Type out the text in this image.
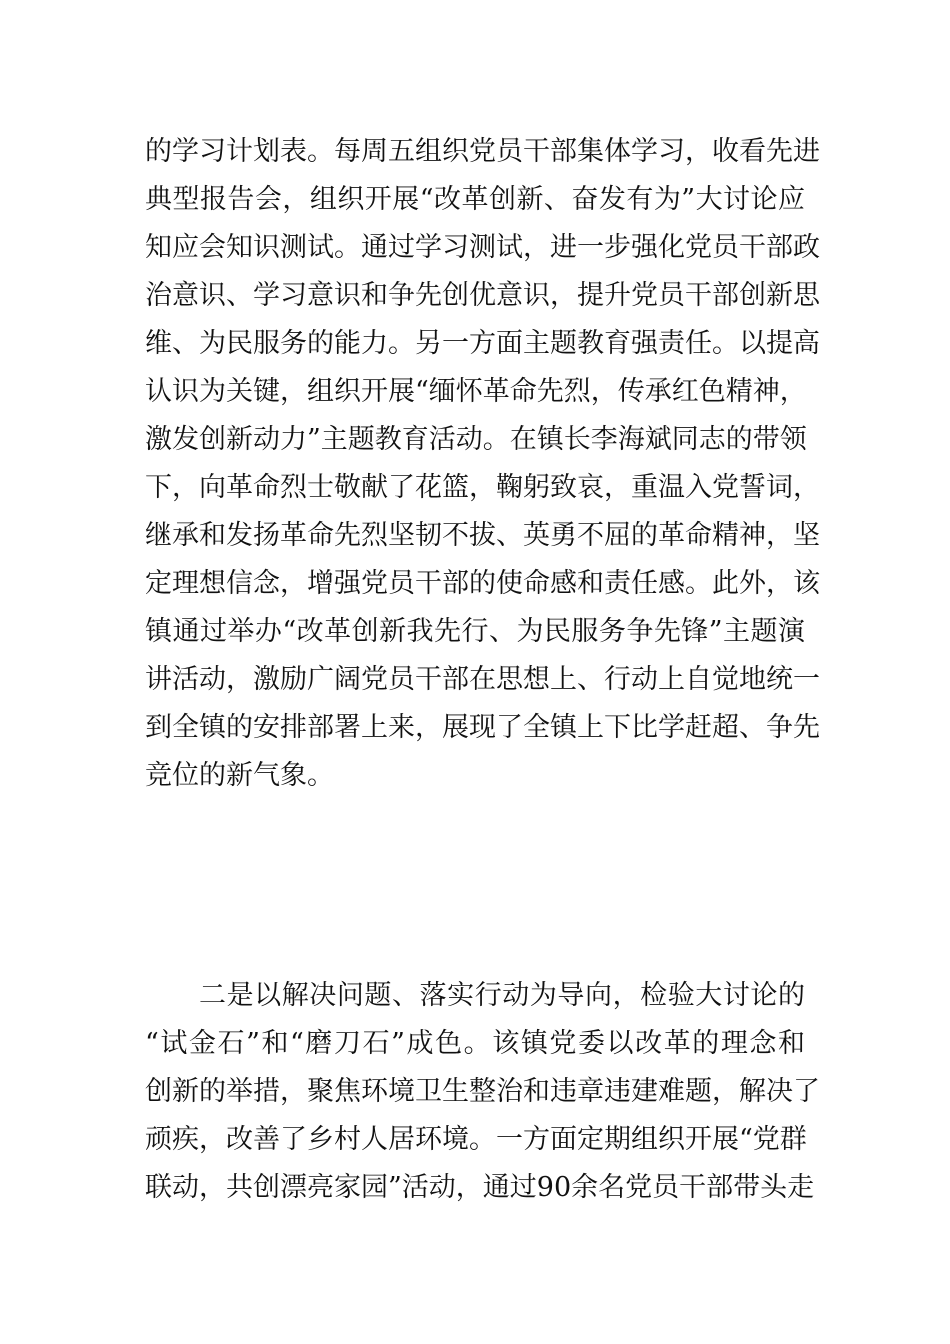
的学习计划表。每周五组织党员干部集体学习，收看先进
典型报告会，组织开展“改革创新、奋发有为”大讨论应
知应会知识测试。通过学习测试，进一步强化党员干部政
治意识、学习意识和争先创优意识，提升党员干部创新思
维、为民服务的能力。另一方面主题教育强责任。以提高
认识为关键，组织开展“缅怀革命先烈，传承红色精神，
激发创新动力”主题教育活动。在镇长李海斌同志的带领
下，向革命烈士敬献了花篮，鞠躬致哀，重温入党誓词，
继承和发扬革命先烈坚韧不拔、英勇不屈的革命精神，坚
定理想信念，增强党员干部的使命感和责任感。此外，该
镇通过举办“改革创新我先行、为民服务争先锋”主题演
讲活动，激励广阔党员干部在思想上、行动上自觉地统一
到全镇的安排部署上来，展现了全镇上下比学赶超、争先
竞位的新气象。
二是以解决问题、落实行动为导向，检验大讨论的
“试金石”和“磨刀石”成色。该镇党委以改革的理念和
创新的举措，聚焦环境卫生整治和违章违建难题，解决了
顽疾，改善了乡村人居环境。一方面定期组织开展“党群
联动，共创漂亮家园”活动，通过90余名党员干部带头走
